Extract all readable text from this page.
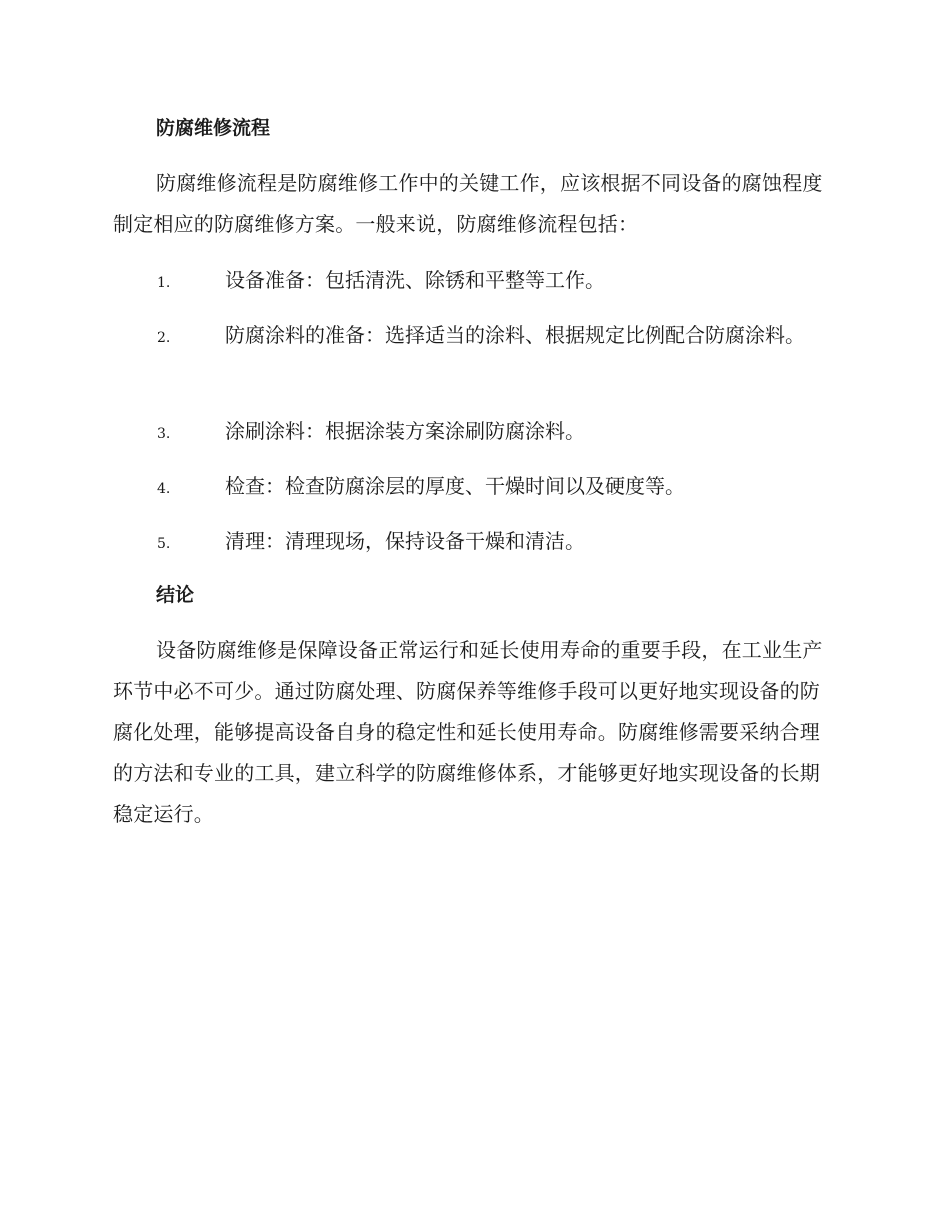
防腐维修流程

防腐维修流程是防腐维修工作中的关键工作，应该根据不同设备的腐蚀程度制定相应的防腐维修方案。一般来说，防腐维修流程包括：

1.	设备准备：包括清洗、除锈和平整等工作。
2.	防腐涂料的准备：选择适当的涂料、根据规定比例配合防腐涂料。
3.	涂刷涂料：根据涂装方案涂刷防腐涂料。
4.	检查：检查防腐涂层的厚度、干燥时间以及硬度等。
5.	清理：清理现场，保持设备干燥和清洁。
结论

设备防腐维修是保障设备正常运行和延长使用寿命的重要手段，在工业生产环节中必不可少。通过防腐处理、防腐保养等维修手段可以更好地实现设备的防腐化处理，能够提高设备自身的稳定性和延长使用寿命。防腐维修需要采纳合理的方法和专业的工具，建立科学的防腐维修体系，才能够更好地实现设备的长期稳定运行。
